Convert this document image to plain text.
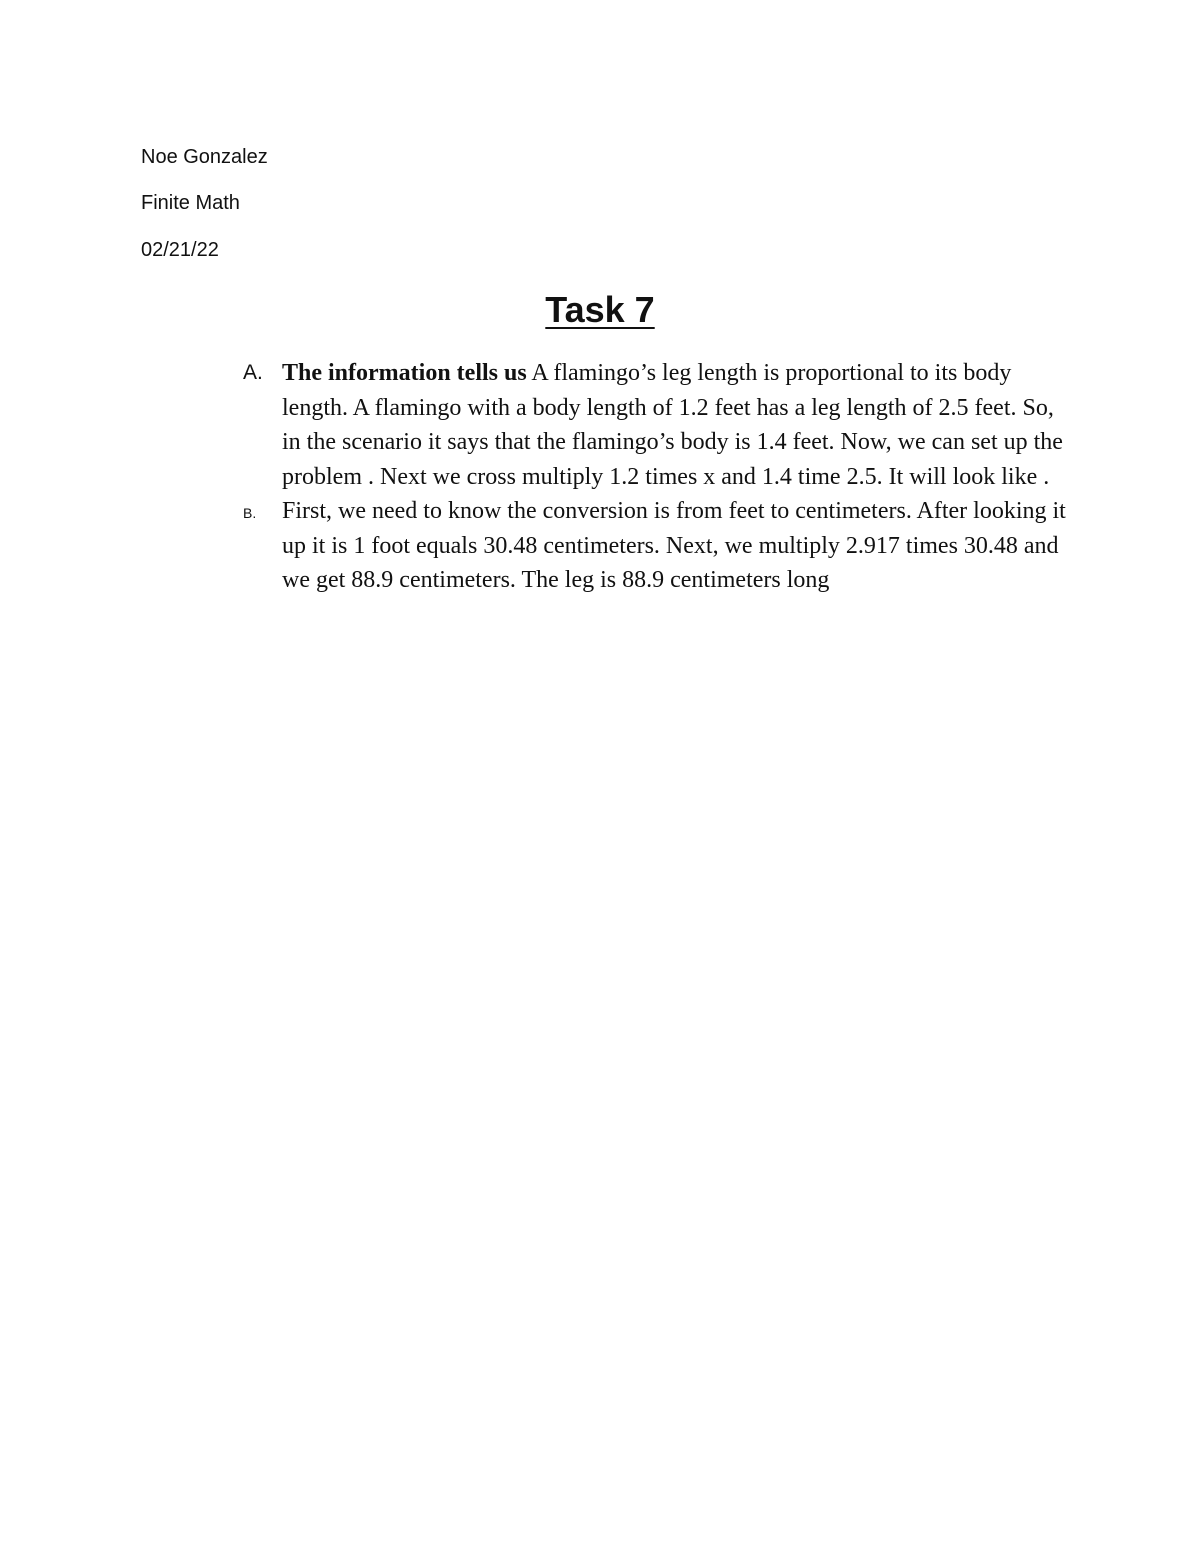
Noe Gonzalez
Finite Math
02/21/22
Task 7
A. The information tells us A flamingo’s leg length is proportional to its body length. A flamingo with a body length of 1.2 feet has a leg length of 2.5 feet. So, in the scenario it says that the flamingo’s body is 1.4 feet. Now, we can set up the problem . Next we cross multiply 1.2 times x and 1.4 time 2.5. It will look like .
B. First, we need to know the conversion is from feet to centimeters. After looking it up it is 1 foot equals 30.48 centimeters. Next, we multiply 2.917 times 30.48 and we get 88.9 centimeters. The leg is 88.9 centimeters long
